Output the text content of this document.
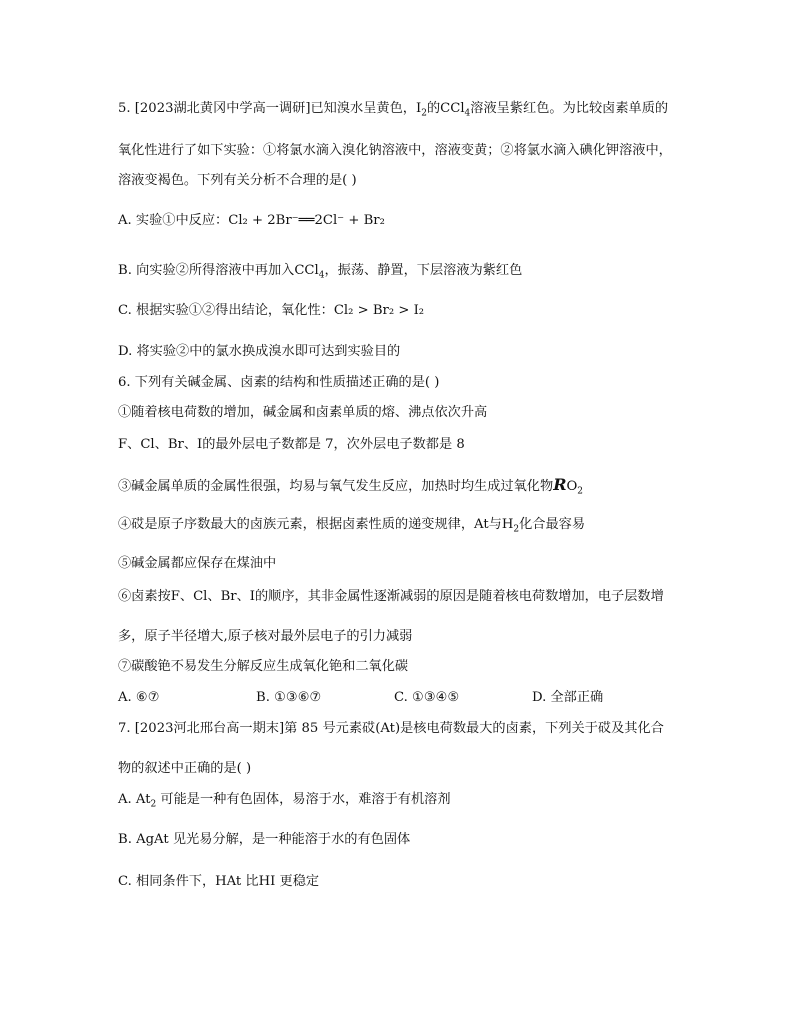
5. [2023湖北黄冈中学高一调研]已知溴水呈黄色，$I_2$的CCl$_4$溶液呈紫红色。为比较卤素单质的
氧化性进行了如下实验：①将氯水滴入溴化钠溶液中，溶液变黄；②将氯水滴入碘化钾溶液中，
溶液变褐色。下列有关分析不合理的是( )
A. 实验①中反应：Cl₂ + 2Br⁻══2Cl⁻ + Br₂
B. 向实验②所得溶液中再加入CCl$_4$，振荡、静置，下层溶液为紫红色
C. 根据实验①②得出结论，氧化性：Cl₂ > Br₂ > I₂
D. 将实验②中的氯水换成溴水即可达到实验目的
6. 下列有关碱金属、卤素的结构和性质描述正确的是( )
①随着核电荷数的增加，碱金属和卤素单质的熔、沸点依次升高
F、Cl、Br、I的最外层电子数都是 7，次外层电子数都是 8
③碱金属单质的金属性很强，均易与氧气发生反应，加热时均生成过氧化物$RO_2$
④砹是原子序数最大的卤族元素，根据卤素性质的递变规律，At与$H_2$化合最容易
⑤碱金属都应保存在煤油中
⑥卤素按F、Cl、Br、I的顺序，其非金属性逐渐减弱的原因是随着核电荷数增加，电子层数增
多，原子半径增大,原子核对最外层电子的引力减弱
⑦碳酸铯不易发生分解反应生成氧化铯和二氧化碳
A. ⑥⑦	B. ①③⑥⑦	C. ①③④⑤	D. 全部正确
7. [2023河北邢台高一期末]第 85 号元素砹(At)是核电荷数最大的卤素，下列关于砹及其化合
物的叙述中正确的是( )
A. $At_2$ 可能是一种有色固体，易溶于水，难溶于有机溶剂
B. AgAt 见光易分解，是一种能溶于水的有色固体
C. 相同条件下，HAt 比HI 更稳定
